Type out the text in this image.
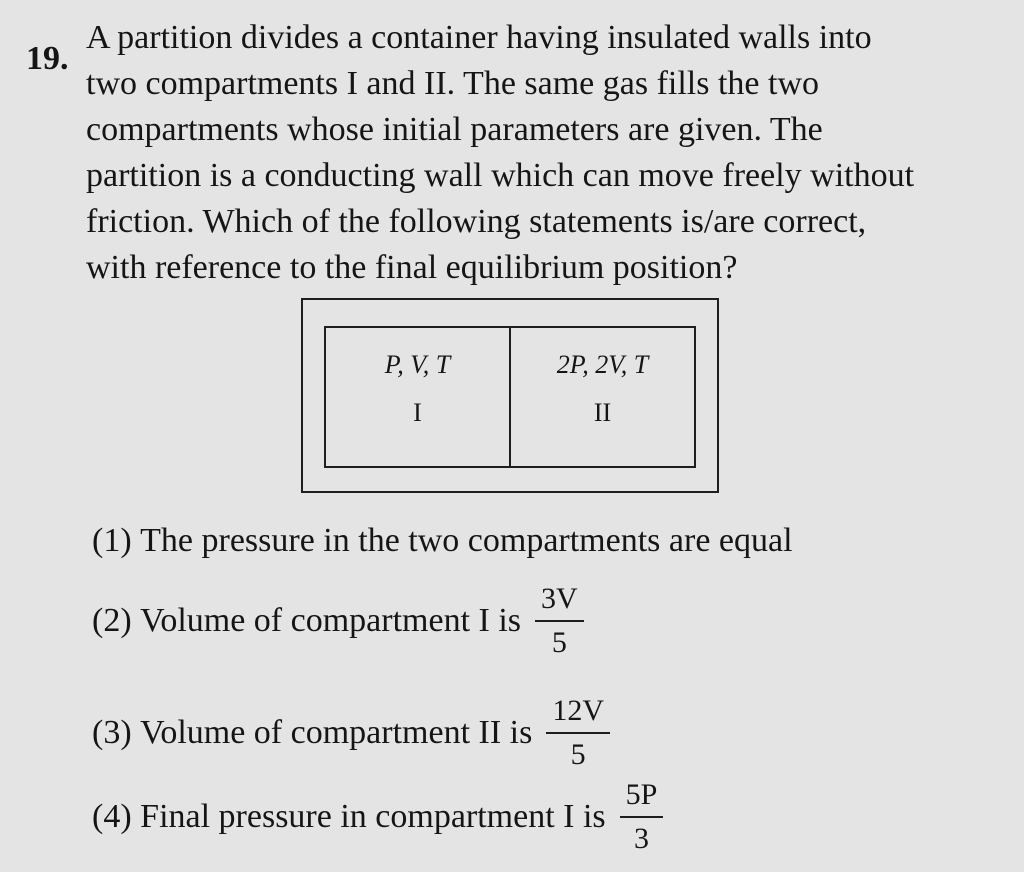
19.
A partition divides a container having insulated walls into
two compartments I and II. The same gas fills the two
compartments whose initial parameters are given. The
partition is a conducting wall which can move freely without
friction. Which of the following statements is/are correct,
with reference to the final equilibrium position?
P, V, T
I
2P, 2V, T
II
(1)
The pressure in the two compartments are equal
(2)
Volume of compartment I is $\frac{3V}{5}$
(3)
Volume of compartment II is $\frac{12V}{5}$
(4)
Final pressure in compartment I is $\frac{5P}{3}$
